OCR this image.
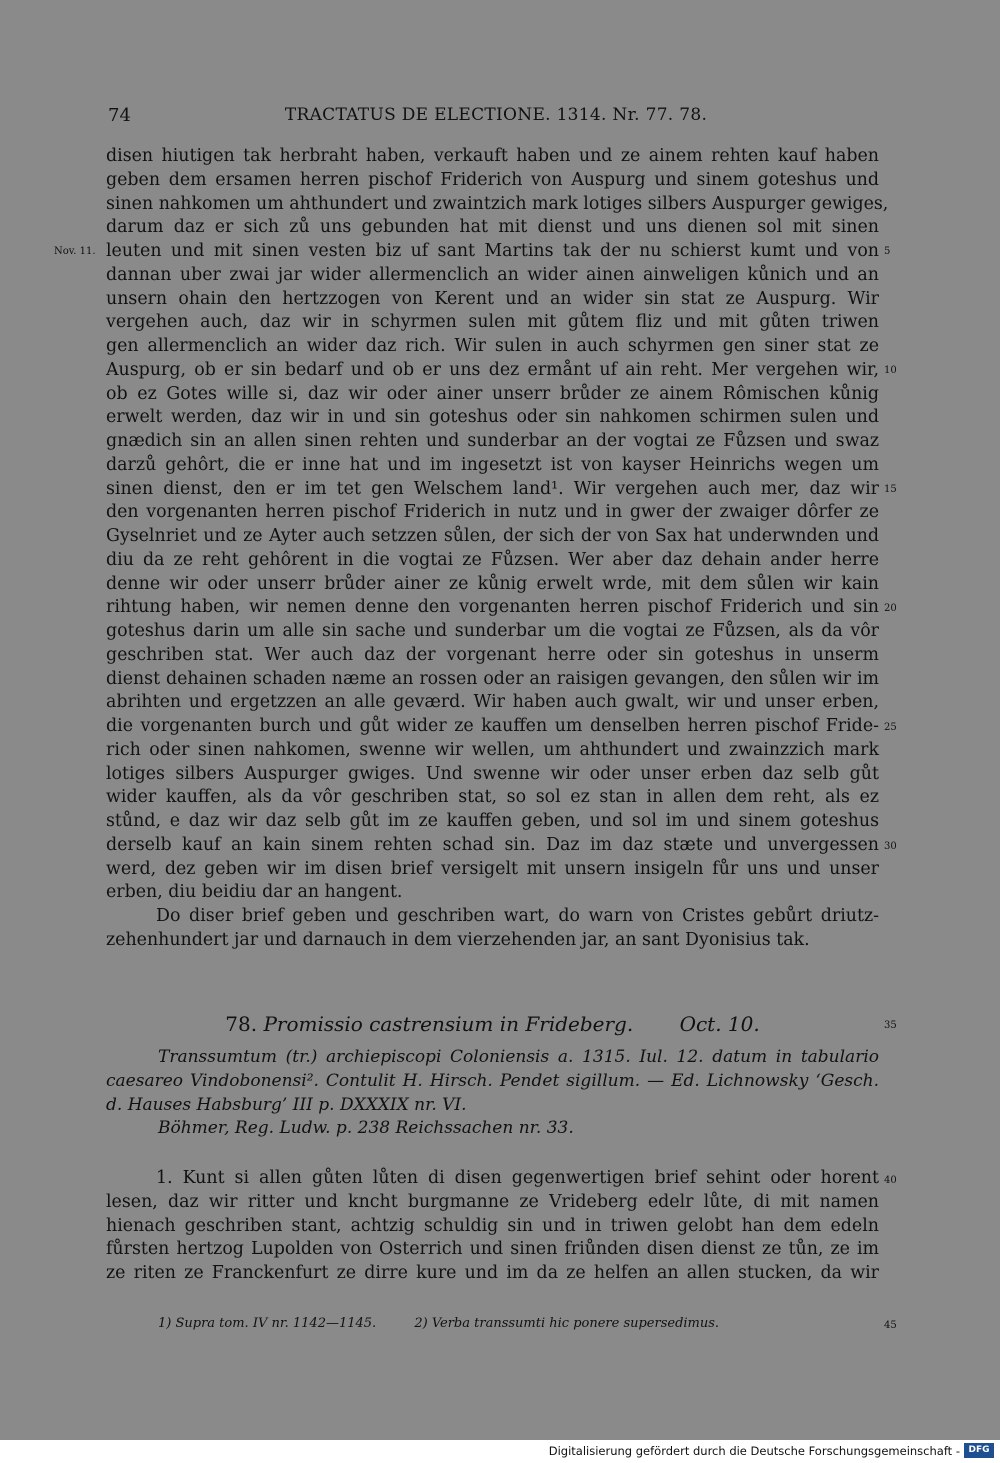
74	TRACTATUS DE ELECTIONE. 1314. Nr. 77. 78.
disen hiutigen tak herbraht haben, verkauft haben und ze ainem rehten kauf haben
geben dem ersamen herren pischof Friderich von Auspurg und sinem goteshus und
sinen nahkomen um ahthundert und zwaintzich mark lotiges silbers Auspurger gewiges,
darum daz er sich zů uns gebunden hat mit dienst und uns dienen sol mit sinen
leuten und mit sinen vesten biz uf sant Martins tak der nu schierst kumt und von
dannan uber zwai jar wider allermenclich an wider ainen ainweligen kůnich und an
unsern ohain den hertzzogen von Kerent und an wider sin stat ze Auspurg. Wir
vergehen auch, daz wir in schyrmen sulen mit gůtem fliz und mit gůten triwen
gen allermenclich an wider daz rich. Wir sulen in auch schyrmen gen siner stat ze
Auspurg, ob er sin bedarf und ob er uns dez ermånt uf ain reht. Mer vergehen wir,
ob ez Gotes wille si, daz wir oder ainer unserr brůder ze ainem Rômischen kůnig
erwelt werden, daz wir in und sin goteshus oder sin nahkomen schirmen sulen und
gnædich sin an allen sinen rehten und sunderbar an der vogtai ze Fůzsen und swaz
darzů gehôrt, die er inne hat und im ingesetzt ist von kayser Heinrichs wegen um
sinen dienst, den er im tet gen Welschem land¹. Wir vergehen auch mer, daz wir
den vorgenanten herren pischof Friderich in nutz und in gwer der zwaiger dôrfer ze
Gyselnriet und ze Ayter auch setzzen sůlen, der sich der von Sax hat underwnden und
diu da ze reht gehôrent in die vogtai ze Fůzsen. Wer aber daz dehain ander herre
denne wir oder unserr brůder ainer ze kůnig erwelt wrde, mit dem sůlen wir kain
rihtung haben, wir nemen denne den vorgenanten herren pischof Friderich und sin
goteshus darin um alle sin sache und sunderbar um die vogtai ze Fůzsen, als da vôr
geschriben stat. Wer auch daz der vorgenant herre oder sin goteshus in unserm
dienst dehainen schaden næme an rossen oder an raisigen gevangen, den sůlen wir im
abrihten und ergetzzen an alle geværd. Wir haben auch gwalt, wir und unser erben,
die vorgenanten burch und gůt wider ze kauffen um denselben herren pischof Fride-
rich oder sinen nahkomen, swenne wir wellen, um ahthundert und zwainzzich mark
lotiges silbers Auspurger gwiges. Und swenne wir oder unser erben daz selb gůt
wider kauffen, als da vôr geschriben stat, so sol ez stan in allen dem reht, als ez
stůnd, e daz wir daz selb gůt im ze kauffen geben, und sol im und sinem goteshus
derselb kauf an kain sinem rehten schad sin. Daz im daz stæte und unvergessen
werd, dez geben wir im disen brief versigelt mit unsern insigeln fůr uns und unser
erben, diu beidiu dar an hangent.
Do diser brief geben und geschriben wart, do warn von Cristes gebůrt driutz-
zehenhundert jar und darnauch in dem vierzehenden jar, an sant Dyonisius tak.
Nov. 11.	5
10
15
20
25
30
78. Promissio castrensium in Frideberg. Oct. 10.	35
Transsumtum (tr.) archiepiscopi Coloniensis a. 1315. Iul. 12. datum in tabulario
caesareo Vindobonensi². Contulit H. Hirsch. Pendet sigillum. — Ed. Lichnowsky ‘Gesch.
d. Hauses Habsburg’ III p. DXXXIX nr. VI.
Böhmer, Reg. Ludw. p. 238 Reichssachen nr. 33.
1. Kunt si allen gůten lůten di disen gegenwertigen brief sehint oder horent
lesen, daz wir ritter und kncht burgmanne ze Vrideberg edelr lůte, di mit namen
hienach geschriben stant, achtzig schuldig sin und in triwen gelobt han dem edeln
fůrsten hertzog Lupolden von Osterrich und sinen friůnden disen dienst ze tůn, ze im
ze riten ze Franckenfurt ze dirre kure und im da ze helfen an allen stucken, da wir
40
45
1) Supra tom. IV nr. 1142—1145.	2) Verba transsumti hic ponere supersedimus.
Digitalisierung gefördert durch die Deutsche Forschungsgemeinschaft - DFG
